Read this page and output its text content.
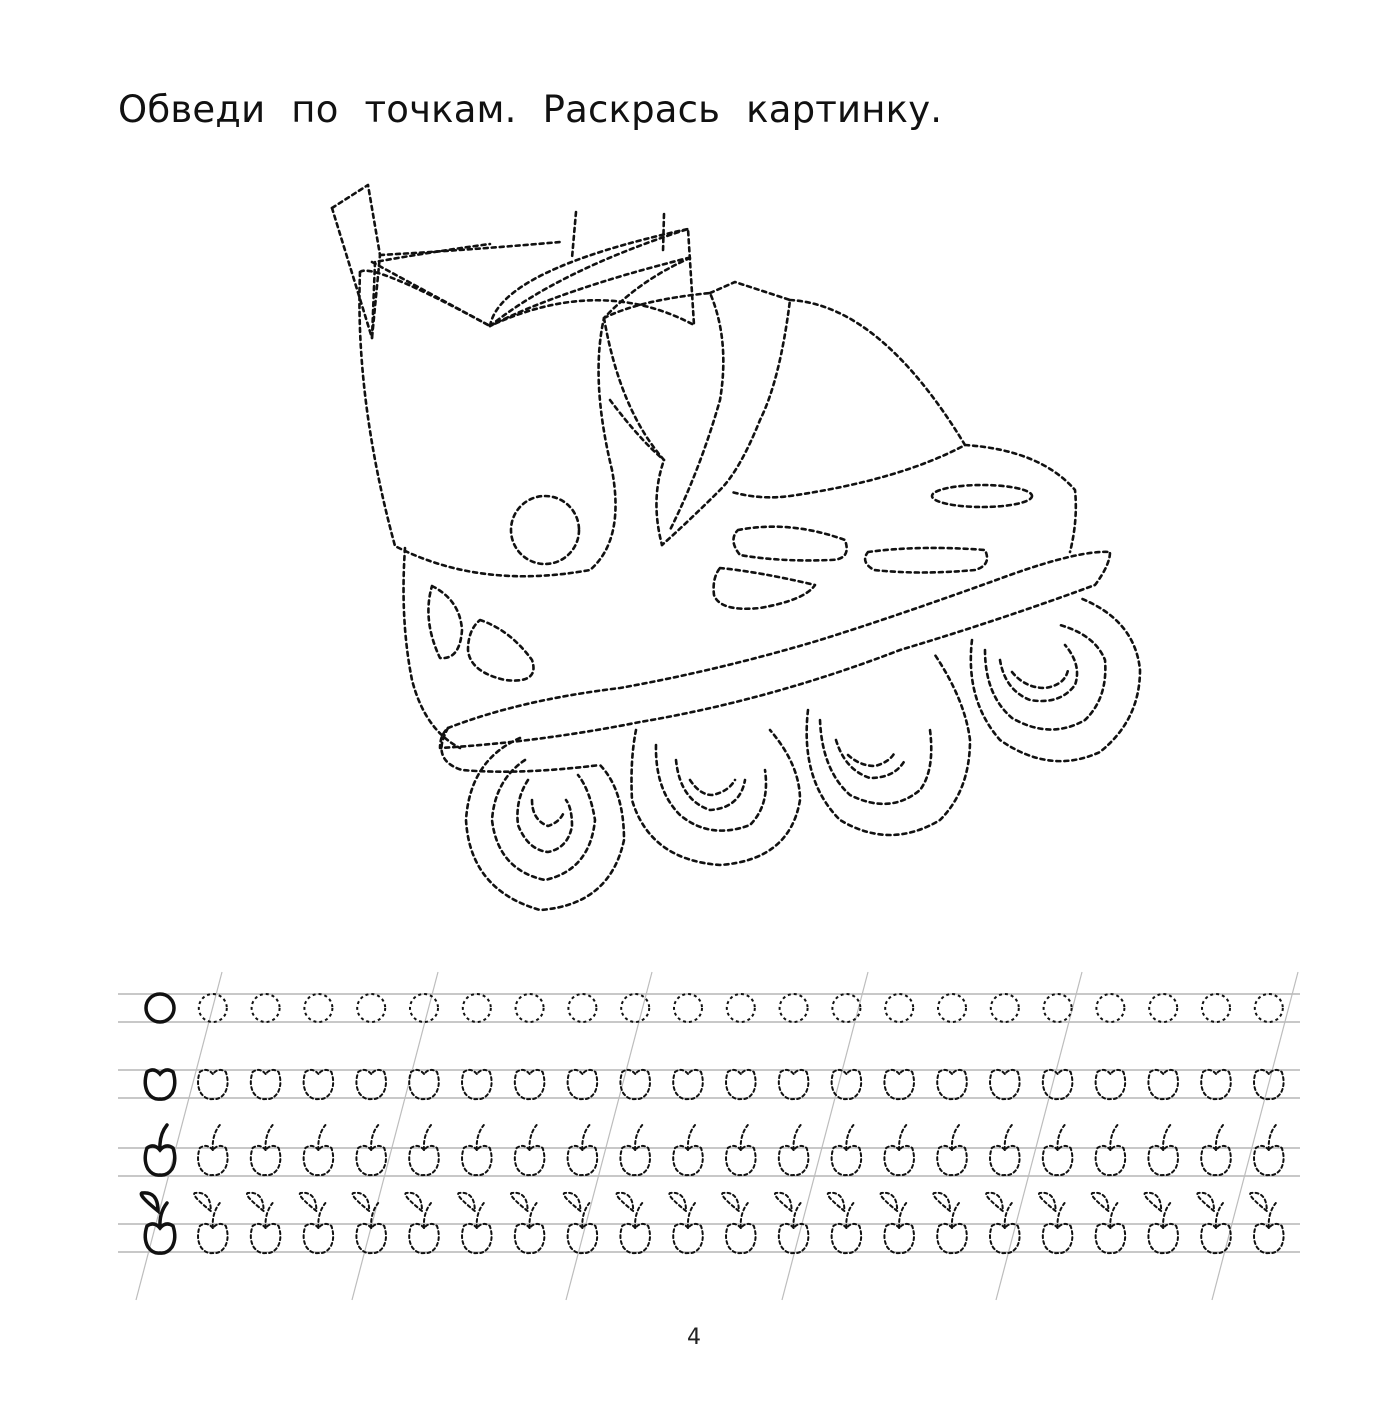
Обведи по точкам. Раскрась картинку.
4
